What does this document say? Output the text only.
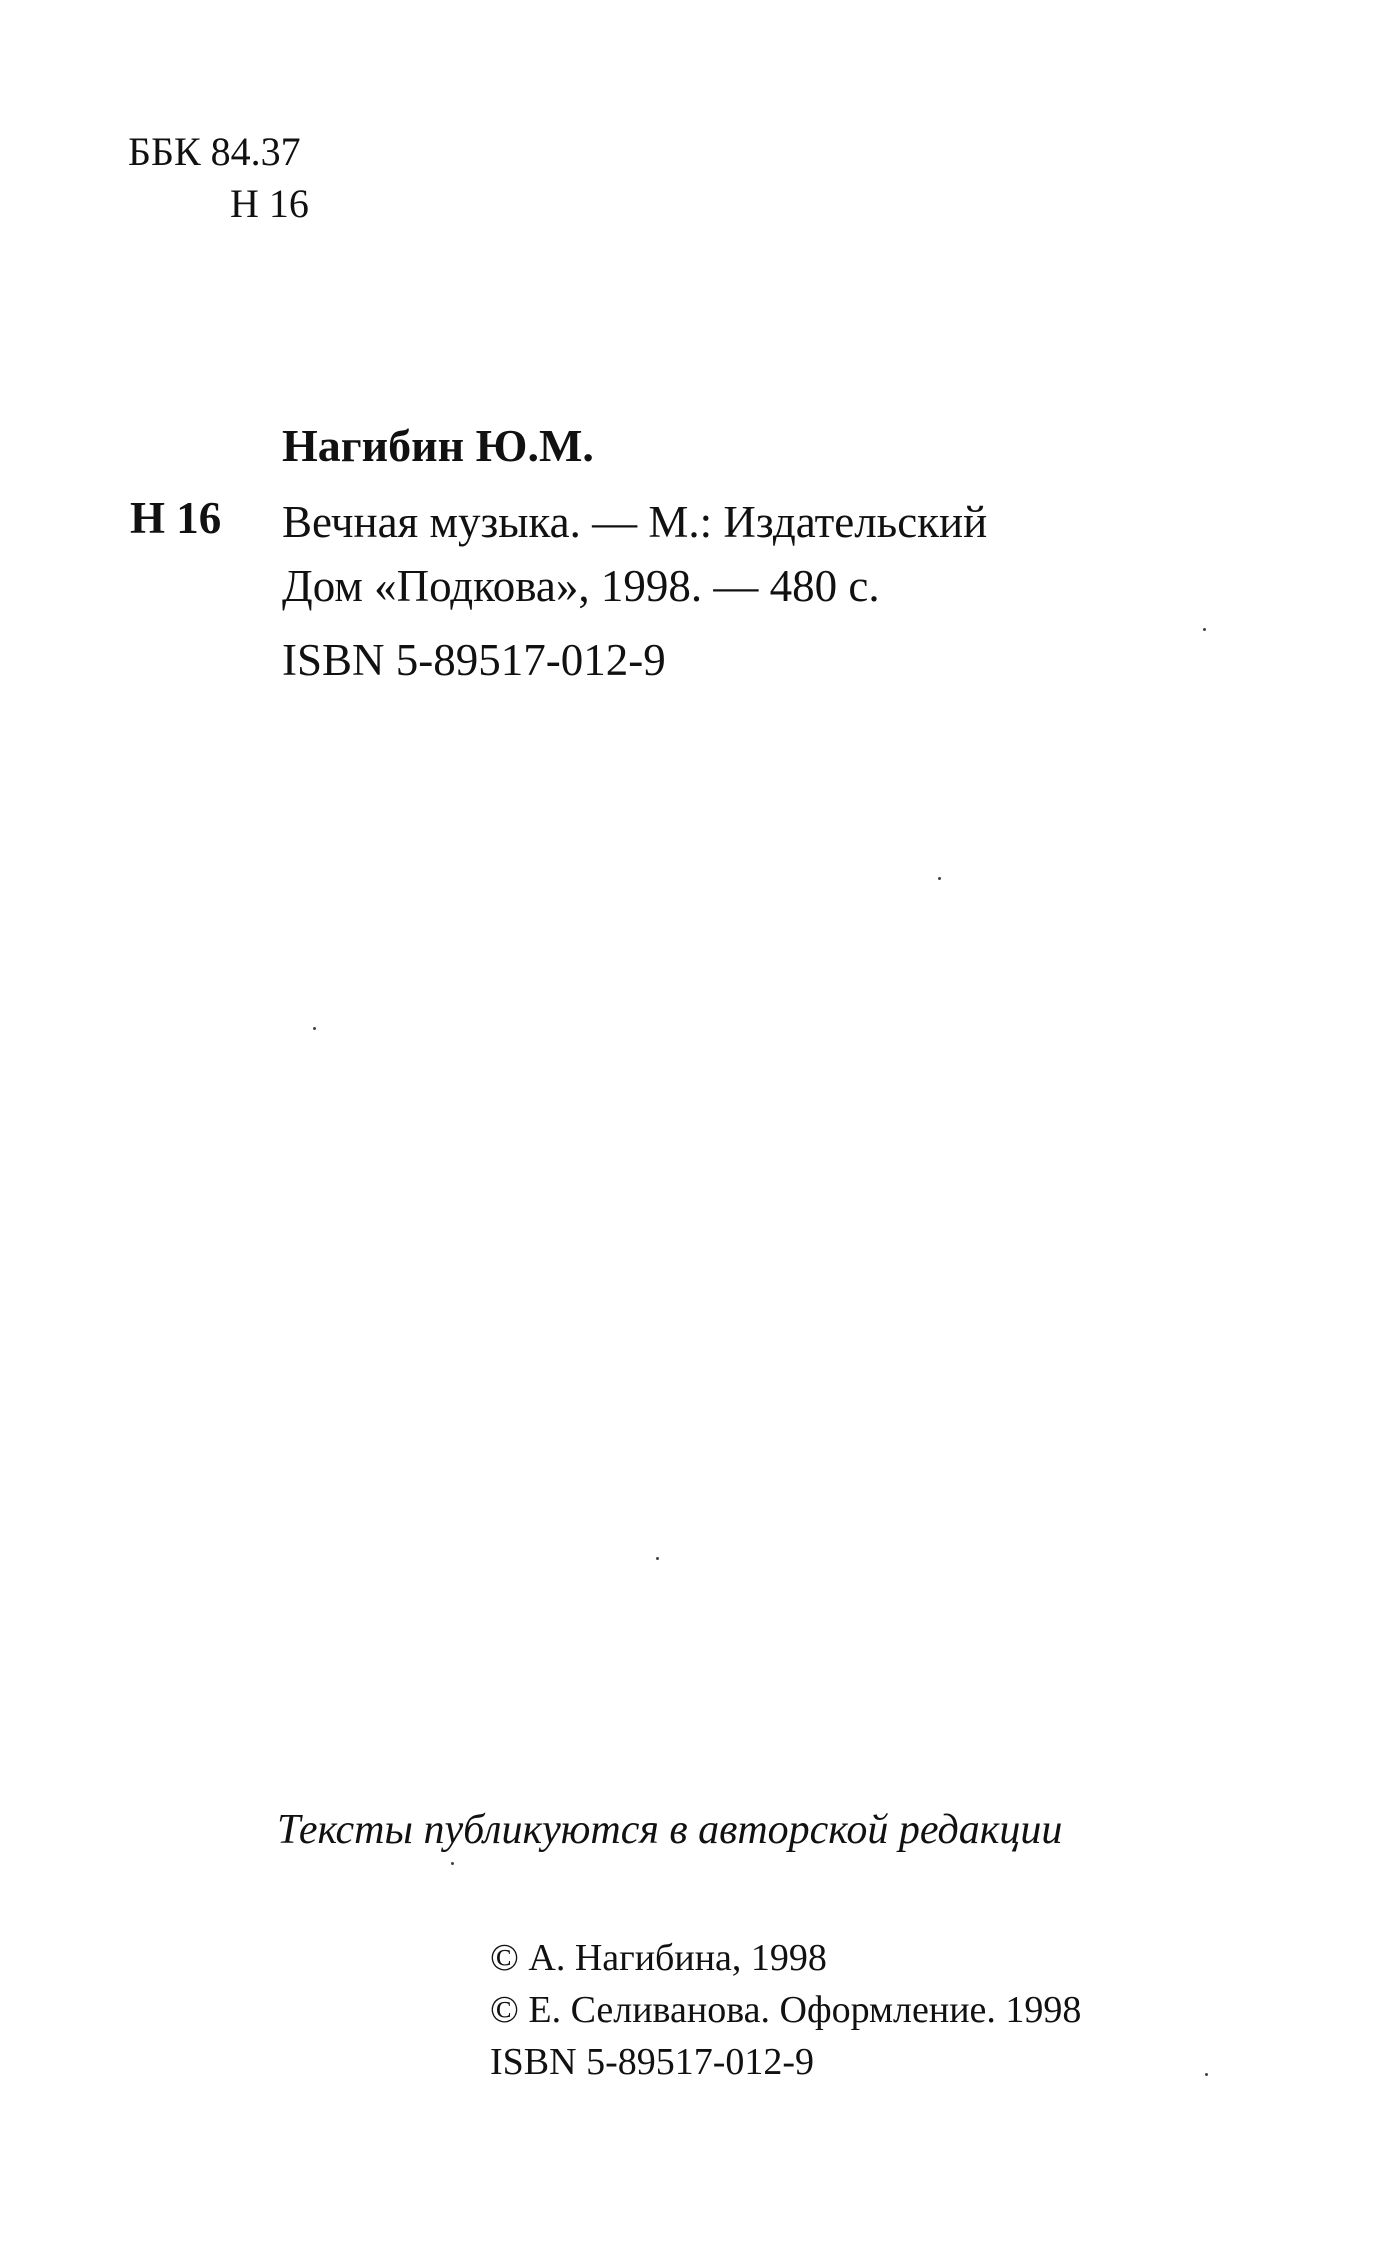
ББК 84.37
Н 16
Нагибин Ю.М.
Н 16 Вечная музыка. — М.: Издательский
Дом «Подкова», 1998. — 480 с.
ISBN 5-89517-012-9
Тексты публикуются в авторской редакции
© А. Нагибина, 1998
© Е. Селиванова. Оформление. 1998
ISBN 5-89517-012-9
